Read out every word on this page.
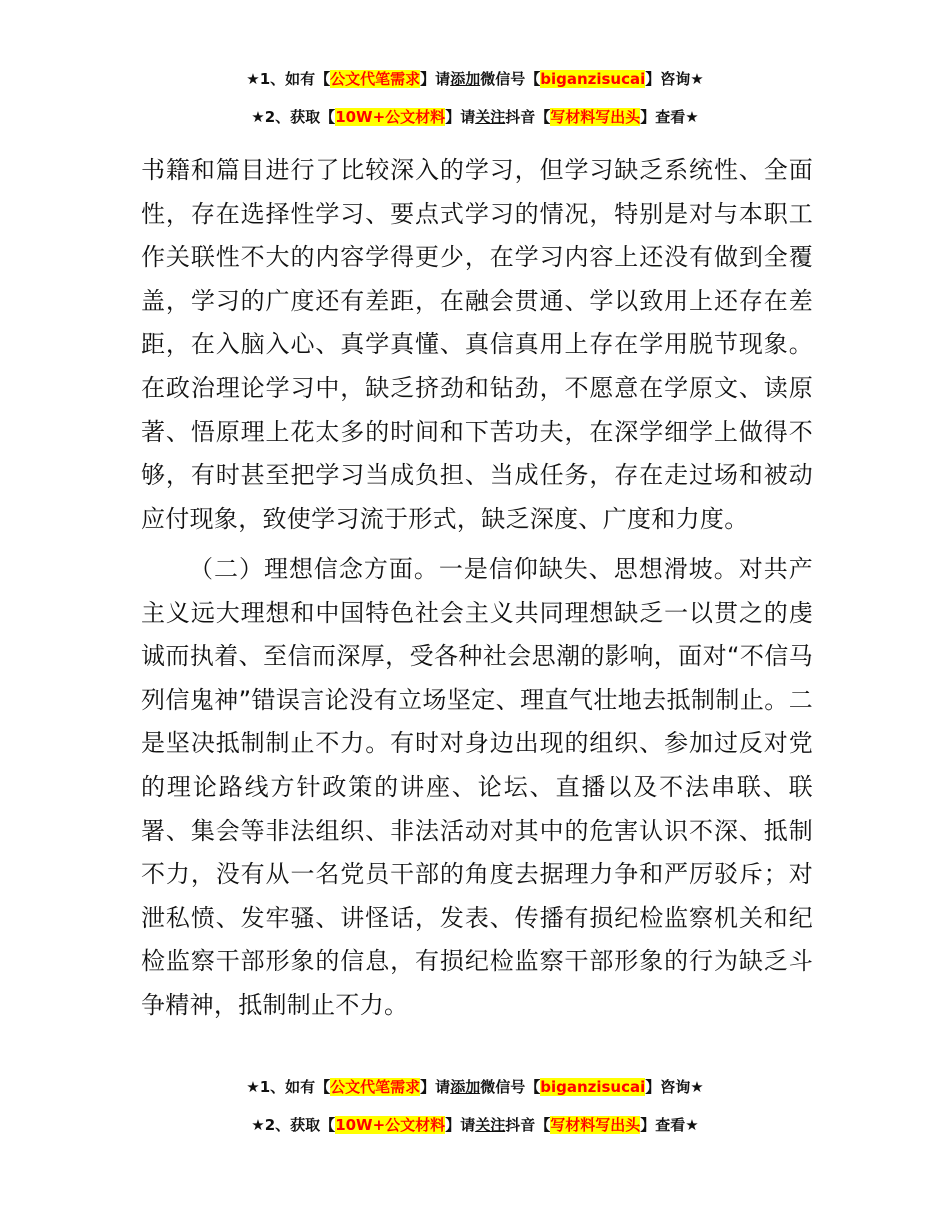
★1、如有【公文代笔需求】请添加微信号【biganzisucai】咨询★
★2、获取【10W+公文材料】请关注抖音【写材料写出头】查看★

书籍和篇目进行了比较深入的学习，但学习缺乏系统性、全面性，存在选择性学习、要点式学习的情况，特别是对与本职工作关联性不大的内容学得更少，在学习内容上还没有做到全覆盖，学习的广度还有差距，在融会贯通、学以致用上还存在差距，在入脑入心、真学真懂、真信真用上存在学用脱节现象。在政治理论学习中，缺乏挤劲和钻劲，不愿意在学原文、读原著、悟原理上花太多的时间和下苦功夫，在深学细学上做得不够，有时甚至把学习当成负担、当成任务，存在走过场和被动应付现象，致使学习流于形式，缺乏深度、广度和力度。

（二）理想信念方面。一是信仰缺失、思想滑坡。对共产主义远大理想和中国特色社会主义共同理想缺乏一以贯之的虔诚而执着、至信而深厚，受各种社会思潮的影响，面对“不信马列信鬼神”错误言论没有立场坚定、理直气壮地去抵制制止。二是坚决抵制制止不力。有时对身边出现的组织、参加过反对党的理论路线方针政策的讲座、论坛、直播以及不法串联、联署、集会等非法组织、非法活动对其中的危害认识不深、抵制不力，没有从一名党员干部的角度去据理力争和严厉驳斥；对泄私愤、发牢骚、讲怪话，发表、传播有损纪检监察机关和纪检监察干部形象的信息，有损纪检监察干部形象的行为缺乏斗争精神，抵制制止不力。

★1、如有【公文代笔需求】请添加微信号【biganzisucai】咨询★
★2、获取【10W+公文材料】请关注抖音【写材料写出头】查看★
